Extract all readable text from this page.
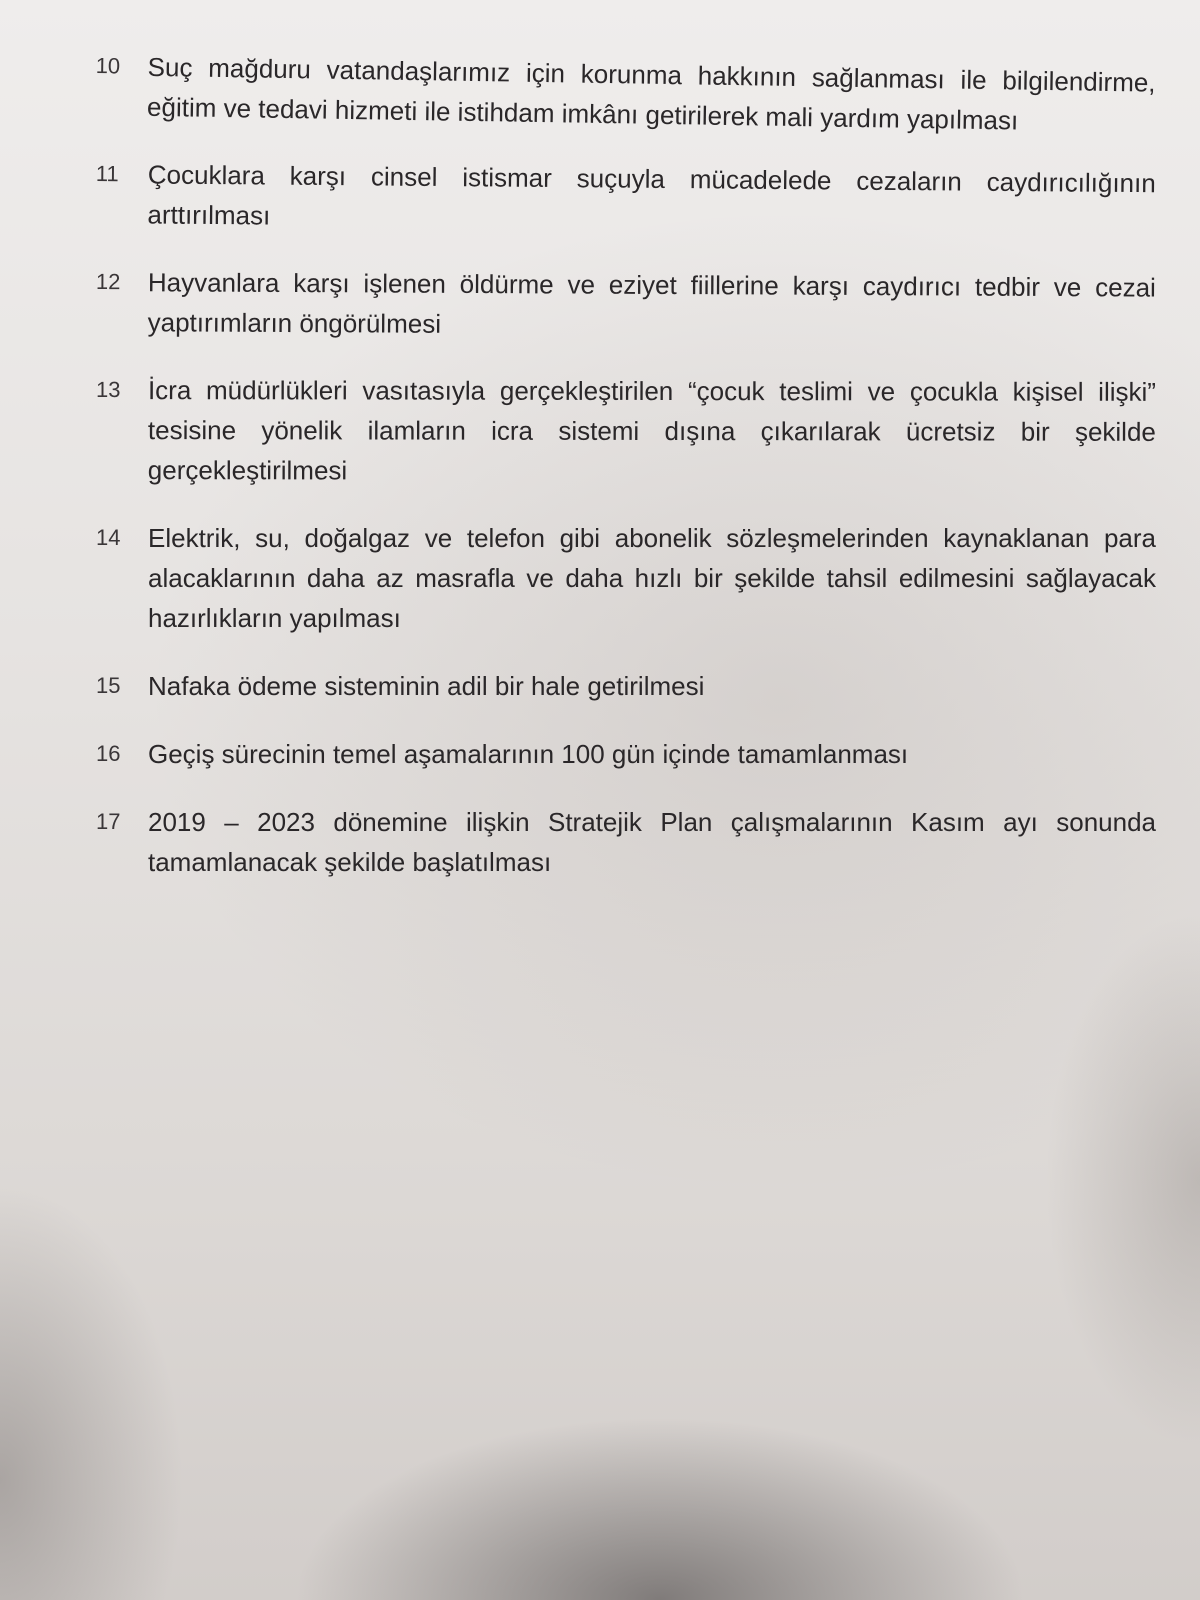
10	Suç mağduru vatandaşlarımız için korunma hakkının sağlanması ile bilgilendirme, eğitim ve tedavi hizmeti ile istihdam imkânı getirilerek mali yardım yapılması
11	Çocuklara karşı cinsel istismar suçuyla mücadelede cezaların caydırıcılığının arttırılması
12	Hayvanlara karşı işlenen öldürme ve eziyet fiillerine karşı caydırıcı tedbir ve cezai yaptırımların öngörülmesi
13	İcra müdürlükleri vasıtasıyla gerçekleştirilen “çocuk teslimi ve çocukla kişisel ilişki” tesisine yönelik ilamların icra sistemi dışına çıkarılarak ücretsiz bir şekilde gerçekleştirilmesi
14	Elektrik, su, doğalgaz ve telefon gibi abonelik sözleşmelerinden kaynaklanan para alacaklarının daha az masrafla ve daha hızlı bir şekilde tahsil edilmesini sağlayacak hazırlıkların yapılması
15	Nafaka ödeme sisteminin adil bir hale getirilmesi
16	Geçiş sürecinin temel aşamalarının 100 gün içinde tamamlanması
17	2019 – 2023 dönemine ilişkin Stratejik Plan çalışmalarının Kasım ayı sonunda tamamlanacak şekilde başlatılması
